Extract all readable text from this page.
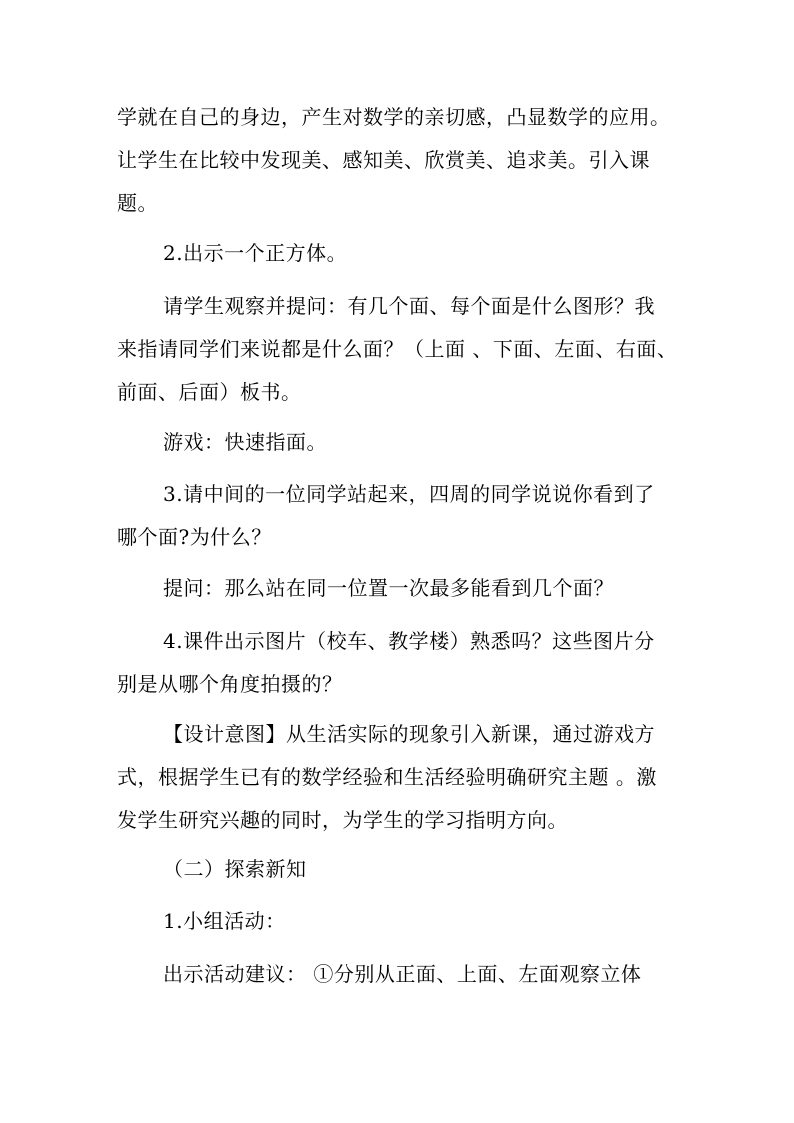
学就在自己的身边，产生对数学的亲切感，凸显数学的应用。
让学生在比较中发现美、感知美、欣赏美、追求美。引入课
题。
2.出示一个正方体。
请学生观察并提问：有几个面、每个面是什么图形？我
来指请同学们来说都是什么面？（上面 、下面、左面、右面、
前面、后面）板书。
游戏：快速指面。
3.请中间的一位同学站起来，四周的同学说说你看到了
哪个面?为什么？
提问：那么站在同一位置一次最多能看到几个面？
4.课件出示图片（校车、教学楼）熟悉吗？这些图片分
别是从哪个角度拍摄的？
【设计意图】从生活实际的现象引入新课，通过游戏方
式，根据学生已有的数学经验和生活经验明确研究主题 。激
发学生研究兴趣的同时，为学生的学习指明方向。
（二）探索新知
1.小组活动：
出示活动建议： ①分别从正面、上面、左面观察立体
